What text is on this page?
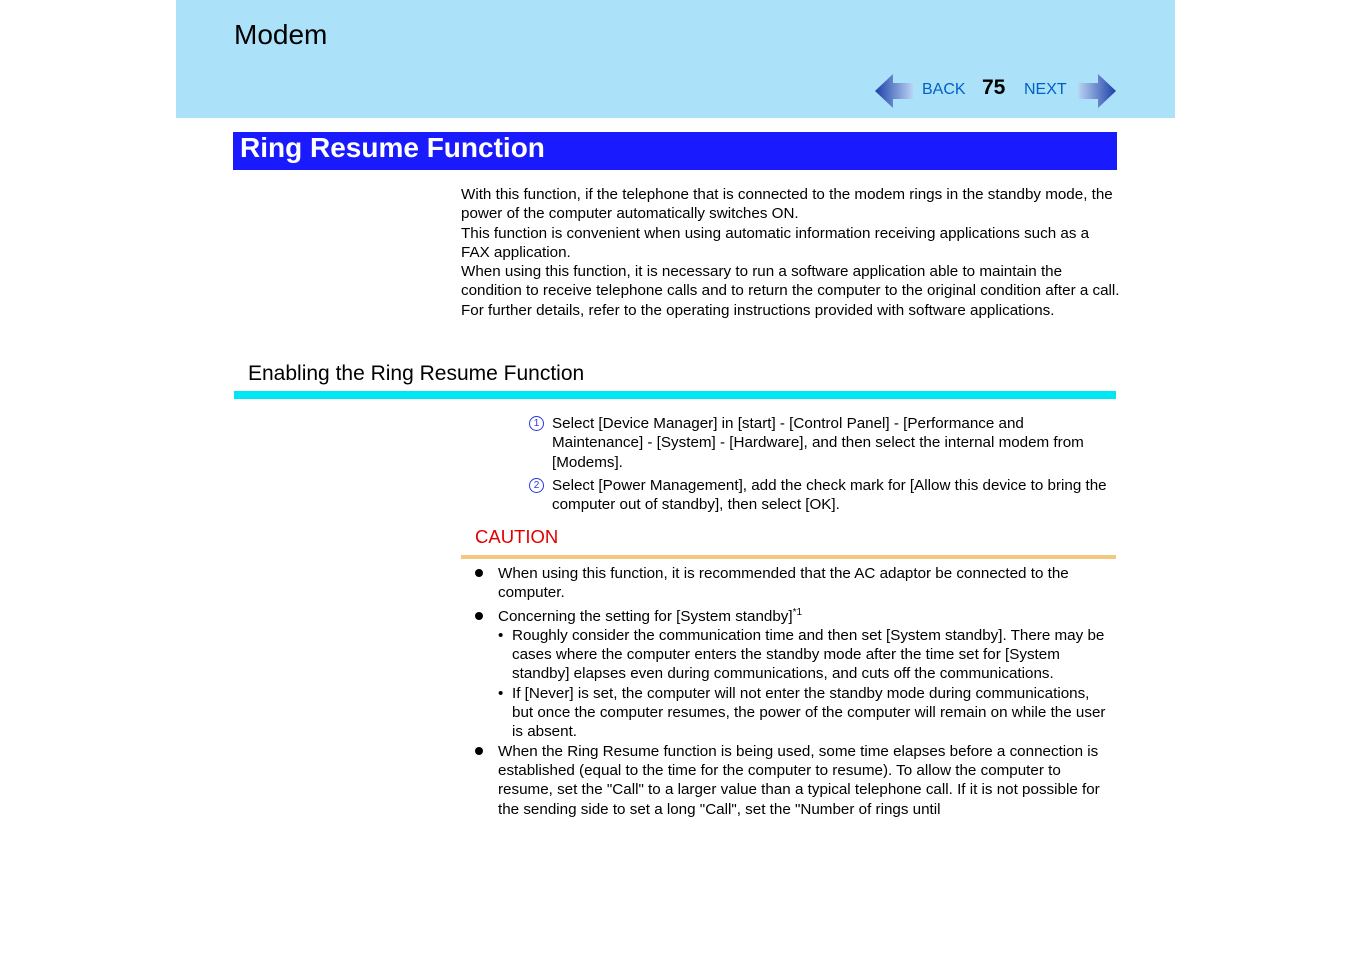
Modem
BACK 75 NEXT
Ring Resume Function

With this function, if the telephone that is connected to the modem rings in the standby mode, the power of the computer automatically switches ON.

This function is convenient when using automatic information receiving applications such as a FAX application.

When using this function, it is necessary to run a software application able to maintain the condition to receive telephone calls and to return the computer to the original condition after a call. For further details, refer to the operating instructions provided with software applications.

Enabling the Ring Resume Function
1 Select [Device Manager] in [start] - [Control Panel] - [Performance and Maintenance] - [System] - [Hardware], and then select the internal modem from [Modems].
2 Select [Power Management], add the check mark for [Allow this device to bring the computer out of standby], then select [OK].
CAUTION
When using this function, it is recommended that the AC adaptor be connected to the computer.
Concerning the setting for [System standby]$^{*1}$
• Roughly consider the communication time and then set [System standby]. There may be cases where the computer enters the standby mode after the time set for [System standby] elapses even during communications, and cuts off the communications.
• If [Never] is set, the computer will not enter the standby mode during communications, but once the computer resumes, the power of the computer will remain on while the user is absent.
When the Ring Resume function is being used, some time elapses before a connection is established (equal to the time for the computer to resume). To allow the computer to resume, set the "Call" to a larger value than a typical telephone call. If it is not possible for the sending side to set a long "Call", set the "Number of rings until
